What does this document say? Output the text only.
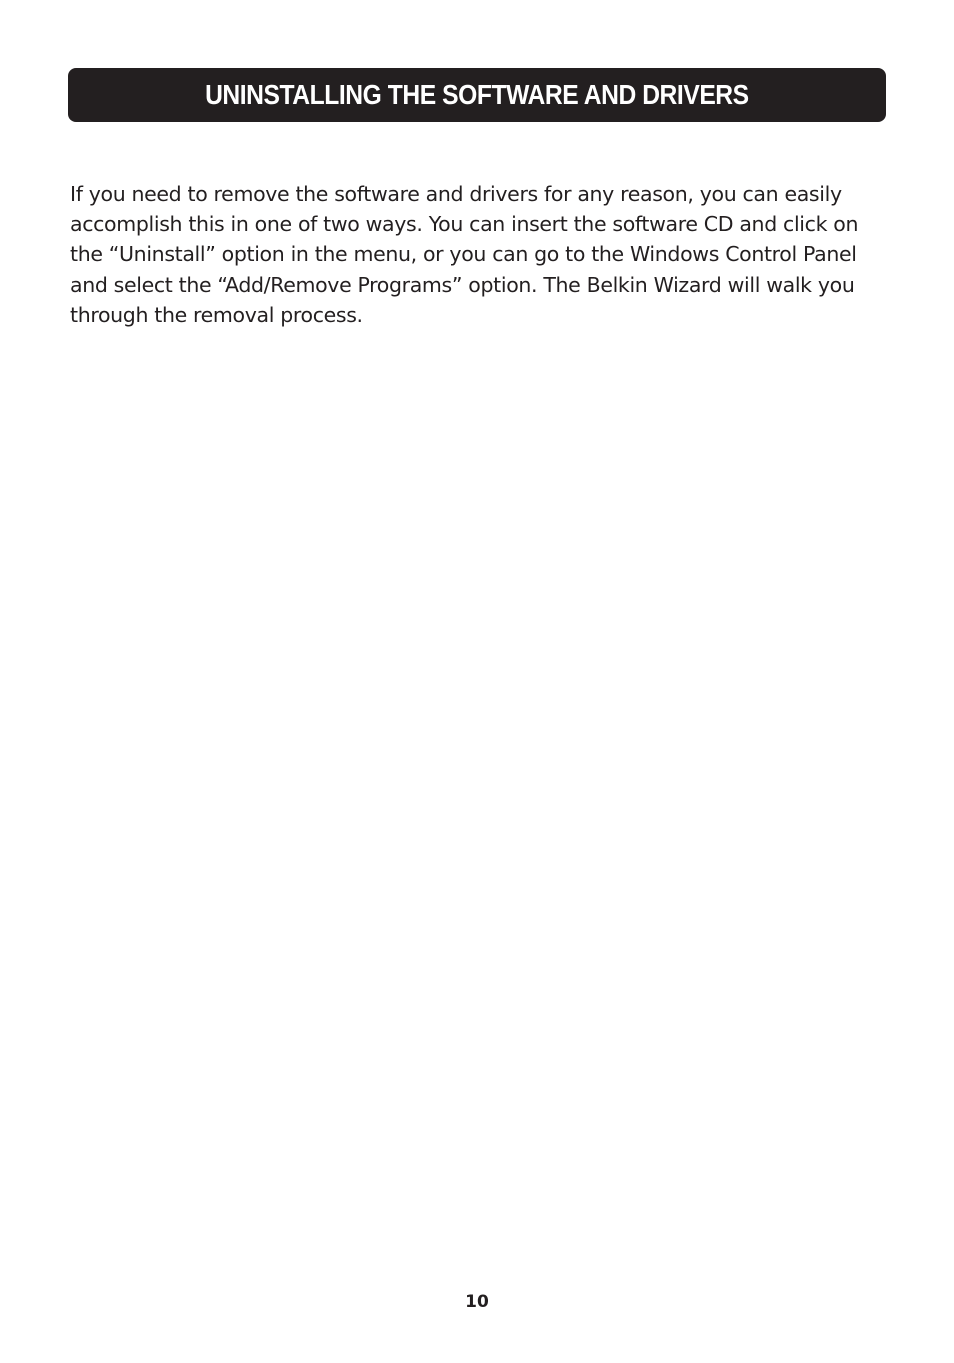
UNINSTALLING THE SOFTWARE AND DRIVERS

If you need to remove the software and drivers for any reason, you can easily accomplish this in one of two ways. You can insert the software CD and click on the “Uninstall” option in the menu, or you can go to the Windows Control Panel and select the “Add/Remove Programs” option. The Belkin Wizard will walk you through the removal process.

10
